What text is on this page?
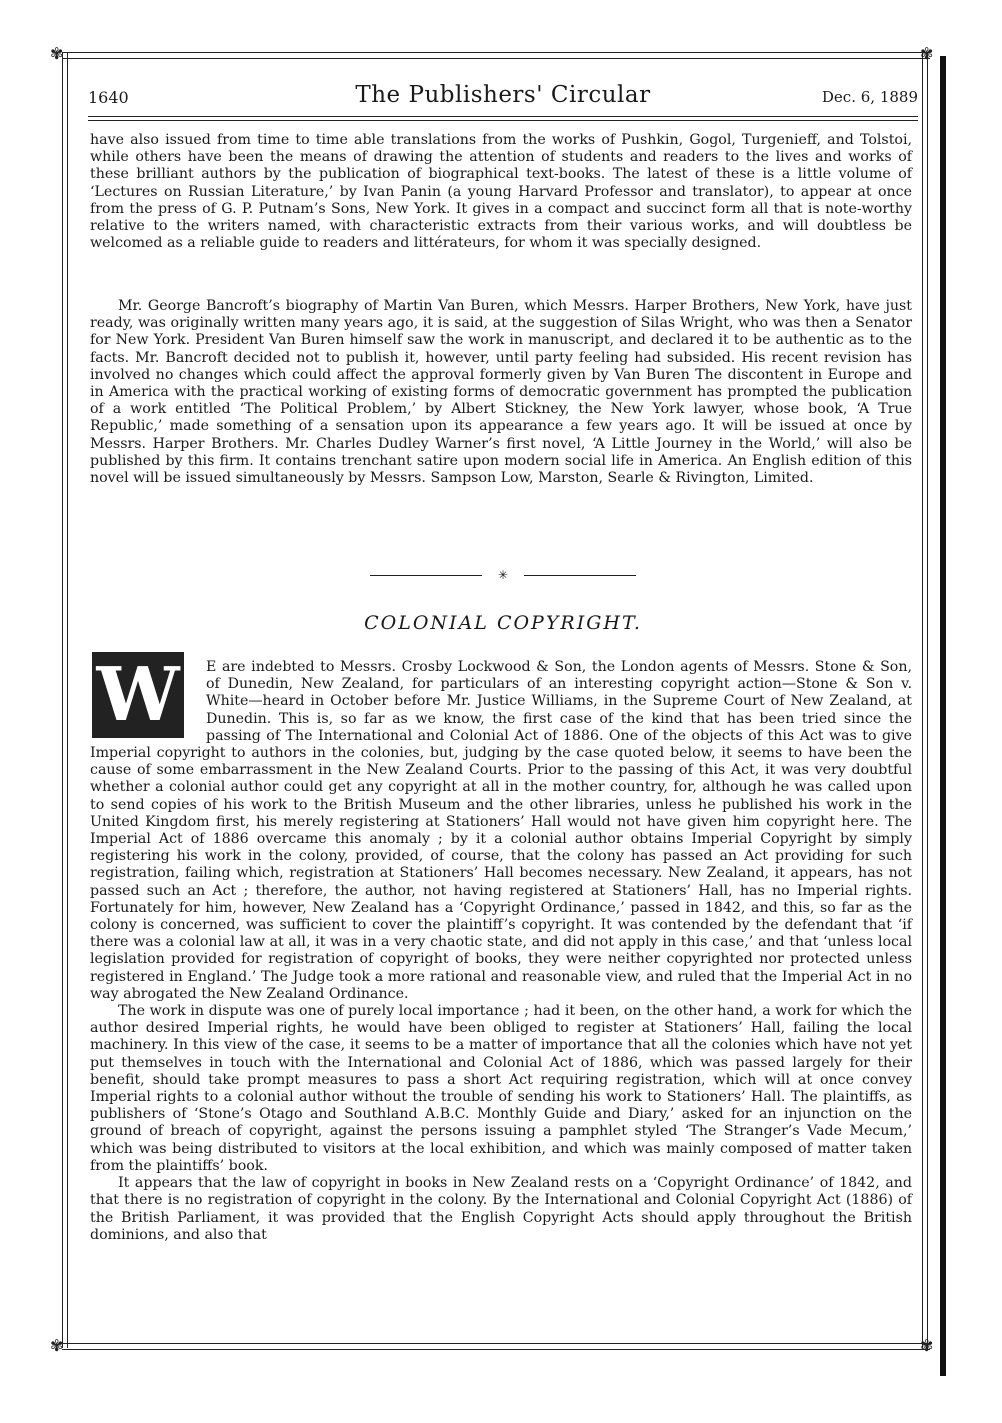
✾	✾
✾	✾
1640	The Publishers' Circular	Dec. 6, 1889

have also issued from time to time able translations from the works of Pushkin, Gogol, Turgenieff, and Tolstoi, while others have been the means of drawing the attention of students and readers to the lives and works of these brilliant authors by the publication of biographical text-books. The latest of these is a little volume of ‘Lectures on Russian Literature,’ by Ivan Panin (a young Harvard Professor and translator), to appear at once from the press of G. P. Putnam’s Sons, New York. It gives in a compact and succinct form all that is note-worthy relative to the writers named, with characteristic extracts from their various works, and will doubtless be welcomed as a reliable guide to readers and littérateurs, for whom it was specially designed.

Mr. George Bancroft’s biography of Martin Van Buren, which Messrs. Harper Brothers, New York, have just ready, was originally written many years ago, it is said, at the suggestion of Silas Wright, who was then a Senator for New York. President Van Buren himself saw the work in manuscript, and declared it to be authentic as to the facts. Mr. Bancroft decided not to publish it, however, until party feeling had subsided. His recent revision has involved no changes which could affect the approval formerly given by Van Buren The discontent in Europe and in America with the practical working of existing forms of democratic government has prompted the publication of a work entitled ‘The Political Problem,’ by Albert Stickney, the New York lawyer, whose book, ‘A True Republic,’ made something of a sensation upon its appearance a few years ago. It will be issued at once by Messrs. Harper Brothers. Mr. Charles Dudley Warner’s first novel, ‘A Little Journey in the World,’ will also be published by this firm. It contains trenchant satire upon modern social life in America. An English edition of this novel will be issued simultaneously by Messrs. Sampson Low, Marston, Searle & Rivington, Limited.

✳
COLONIAL COPYRIGHT.
W	E are indebted to Messrs. Crosby Lockwood & Son, the London agents of Messrs. Stone & Son, of Dunedin, New Zealand, for particulars of an interesting copyright action—Stone & Son v. White—heard in October before Mr. Justice Williams, in the Supreme Court of New Zealand, at Dunedin. This is, so far as we know, the first case of the kind that has been tried since the passing of The International and Colonial Act of 1886. One of the objects of this Act was to give Imperial copyright to authors in the colonies, but, judging by the case quoted below, it seems to have been the cause of some embarrassment in the New Zealand Courts. Prior to the passing of this Act, it was very doubtful whether a colonial author could get any copyright at all in the mother country, for, although he was called upon to send copies of his work to the British Museum and the other libraries, unless he published his work in the United Kingdom first, his merely registering at Stationers’ Hall would not have given him copyright here. The Imperial Act of 1886 overcame this anomaly ; by it a colonial author obtains Imperial Copyright by simply registering his work in the colony, provided, of course, that the colony has passed an Act providing for such registration, failing which, registration at Stationers’ Hall becomes necessary. New Zealand, it appears, has not passed such an Act ; therefore, the author, not having registered at Stationers’ Hall, has no Imperial rights. Fortunately for him, however, New Zealand has a ‘Copyright Ordinance,’ passed in 1842, and this, so far as the colony is concerned, was sufficient to cover the plaintiff’s copyright. It was contended by the defendant that ‘if there was a colonial law at all, it was in a very chaotic state, and did not apply in this case,’ and that ‘unless local legislation provided for registration of copyright of books, they were neither copyrighted nor protected unless registered in England.’ The Judge took a more rational and reasonable view, and ruled that the Imperial Act in no way abrogated the New Zealand Ordinance.

The work in dispute was one of purely local importance ; had it been, on the other hand, a work for which the author desired Imperial rights, he would have been obliged to register at Stationers’ Hall, failing the local machinery. In this view of the case, it seems to be a matter of importance that all the colonies which have not yet put themselves in touch with the International and Colonial Act of 1886, which was passed largely for their benefit, should take prompt measures to pass a short Act requiring registration, which will at once convey Imperial rights to a colonial author without the trouble of sending his work to Stationers’ Hall. The plaintiffs, as publishers of ‘Stone’s Otago and Southland A.B.C. Monthly Guide and Diary,’ asked for an injunction on the ground of breach of copyright, against the persons issuing a pamphlet styled ‘The Stranger’s Vade Mecum,’ which was being distributed to visitors at the local exhibition, and which was mainly composed of matter taken from the plaintiffs’ book.

It appears that the law of copyright in books in New Zealand rests on a ‘Copyright Ordinance’ of 1842, and that there is no registration of copyright in the colony. By the International and Colonial Copyright Act (1886) of the British Parliament, it was provided that the English Copyright Acts should apply throughout the British dominions, and also that
